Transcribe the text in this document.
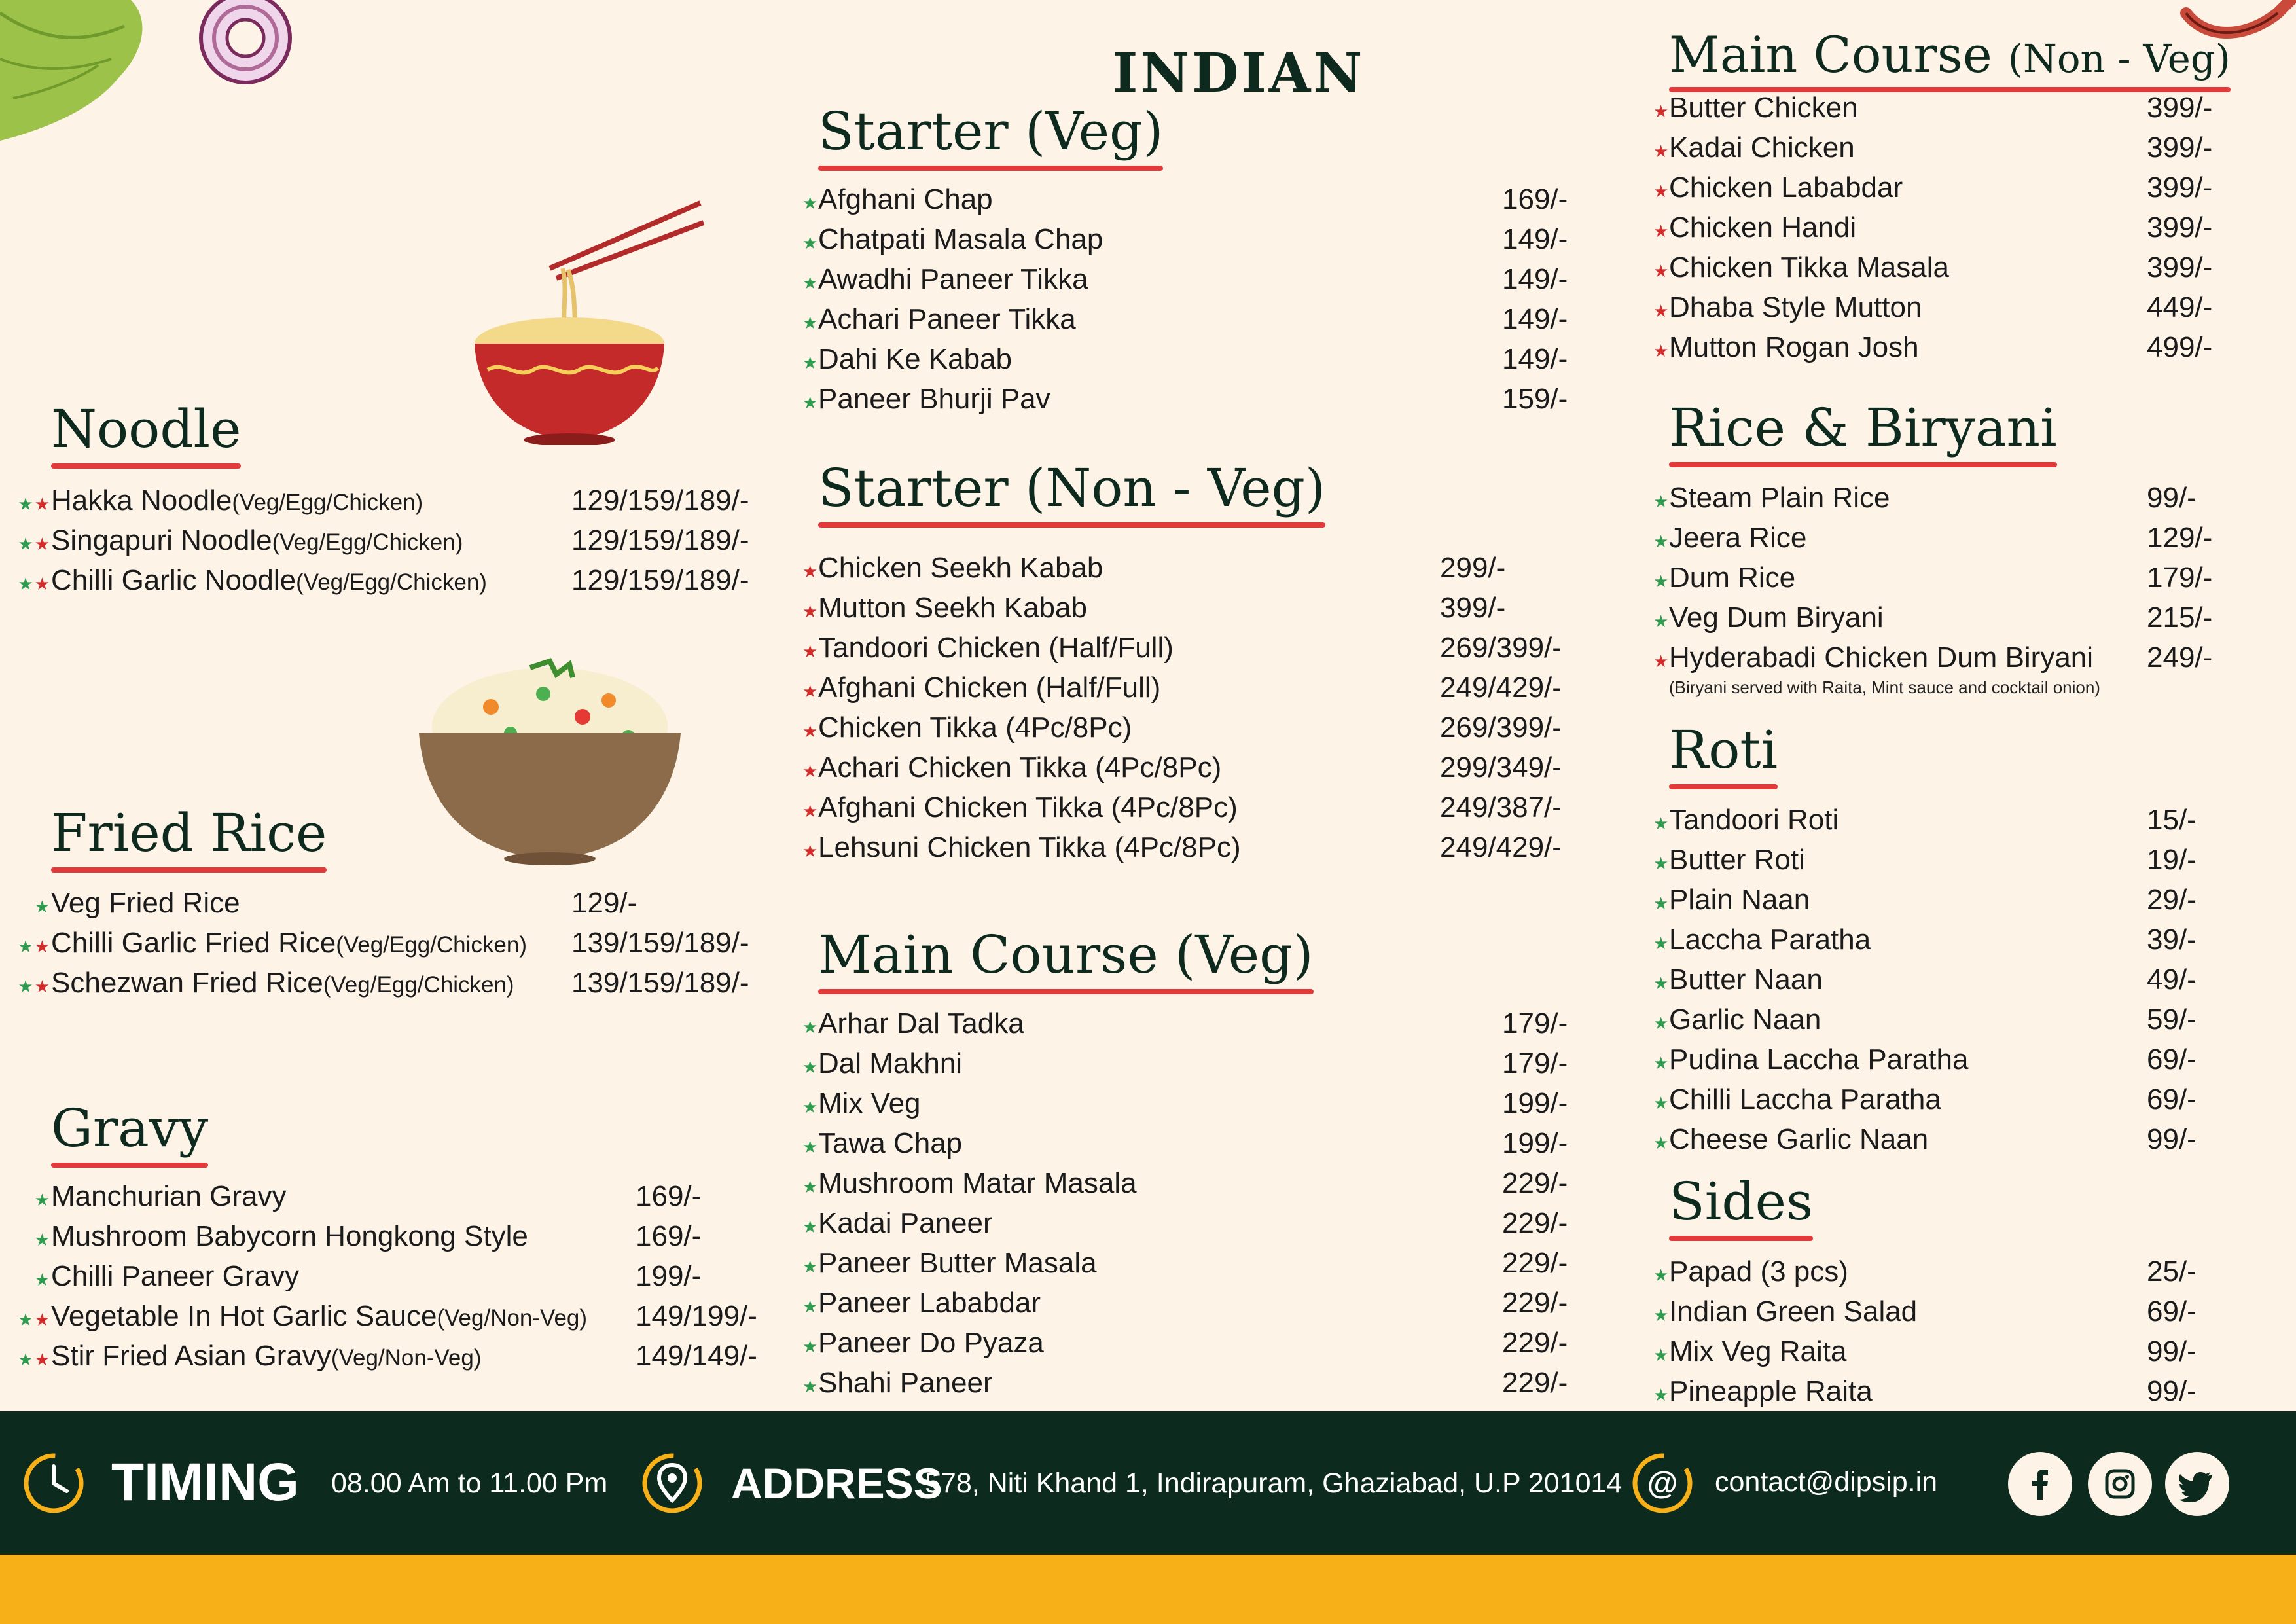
INDIAN
Noodle
★★ Hakka Noodle (Veg/Egg/Chicken)	129/159/189/-
★★ Singapuri Noodle (Veg/Egg/Chicken)	129/159/189/-
★★ Chilli Garlic Noodle (Veg/Egg/Chicken)	129/159/189/-
Fried Rice
★ Veg Fried Rice	129/-
★★ Chilli Garlic Fried Rice (Veg/Egg/Chicken) 139/159/189/-
★★ Schezwan Fried Rice (Veg/Egg/Chicken) 139/159/189/-
Gravy
★ Manchurian Gravy	169/-
★ Mushroom Babycorn Hongkong Style	169/-
★ Chilli Paneer Gravy	199/-
★★ Vegetable In Hot Garlic Sauce (Veg/Non-Veg) 149/199/-
★★ Stir Fried Asian Gravy (Veg/Non-Veg)	149/149/-
Starter (Veg)
★
Afghani Chap	169/-
★
Chatpati Masala Chap	149/-
★
Awadhi Paneer Tikka	149/-
★
Achari Paneer Tikka	149/-
★
Dahi Ke Kabab	149/-
★
Paneer Bhurji Pav	159/-
Starter (Non - Veg)
★
Chicken Seekh Kabab	299/-
★
Mutton Seekh Kabab	399/-
★
Tandoori Chicken (Half/Full)	269/399/-
★
Afghani Chicken (Half/Full)	249/429/-
★
Chicken Tikka (4Pc/8Pc)	269/399/-
★
Achari Chicken Tikka (4Pc/8Pc)	299/349/-
★
Afghani Chicken Tikka (4Pc/8Pc)	249/387/-
★
Lehsuni Chicken Tikka (4Pc/8Pc)	249/429/-
Main Course (Veg)
★
Arhar Dal Tadka	179/-
★
Dal Makhni	179/-
★
Mix Veg	199/-
★
Tawa Chap	199/-
★
Mushroom Matar Masala	229/-
★
Kadai Paneer	229/-
★
Paneer Butter Masala	229/-
★
Paneer Lababdar	229/-
★
Paneer Do Pyaza	229/-
★
Shahi Paneer	229/-
Main Course (Non - Veg)
★
Butter Chicken	399/-
★
Kadai Chicken	399/-
★
Chicken Lababdar	399/-
★
Chicken Handi	399/-
★
Chicken Tikka Masala	399/-
★
Dhaba Style Mutton	449/-
★
Mutton Rogan Josh	499/-
Rice & Biryani
★
Steam Plain Rice	99/-
★
Jeera Rice	129/-
★
Dum Rice	179/-
★
Veg Dum Biryani	215/-
★
Hyderabadi Chicken Dum Biryani 249/-
(Biryani served with Raita, Mint sauce and cocktail onion)
Roti
★
Tandoori Roti	15/-
★
Butter Roti	19/-
★
Plain Naan	29/-
★
Laccha Paratha	39/-
★
Butter Naan	49/-
★
Garlic Naan	59/-
★
Pudina Laccha Paratha	69/-
★
Chilli Laccha Paratha	69/-
★
Cheese Garlic Naan	99/-
Sides
★
Papad (3 pcs)	25/-
★
Indian Green Salad	69/-
★
Mix Veg Raita	99/-
★
Pineapple Raita	99/-
TIMING 08.00 Am to 11.00 Pm	ADDRESS
578, Niti Khand 1, Indirapuram, Ghaziabad, U.P 201014 @ contact@dipsip.in
